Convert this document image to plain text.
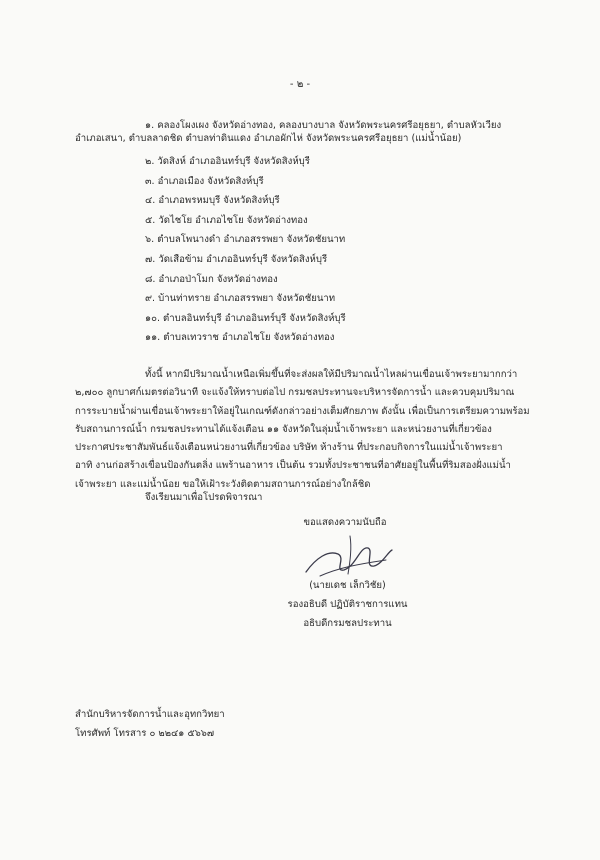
- ๒ -
๑. คลองโผงเผง จังหวัดอ่างทอง, คลองบางบาล จังหวัดพระนครศรีอยุธยา, ตำบลหัวเวียง
อำเภอเสนา, ตำบลลาดชิด ตำบลท่าดินแดง อำเภอผักไห่ จังหวัดพระนครศรีอยุธยา (แม่น้ำน้อย)
๒. วัดสิงห์ อำเภออินทร์บุรี จังหวัดสิงห์บุรี
๓. อำเภอเมือง จังหวัดสิงห์บุรี
๔. อำเภอพรหมบุรี จังหวัดสิงห์บุรี
๕. วัดไชโย อำเภอไชโย จังหวัดอ่างทอง
๖. ตำบลโพนางดำ อำเภอสรรพยา จังหวัดชัยนาท
๗. วัดเสือข้าม อำเภออินทร์บุรี จังหวัดสิงห์บุรี
๘. อำเภอป่าโมก จังหวัดอ่างทอง
๙. บ้านท่าทราย อำเภอสรรพยา จังหวัดชัยนาท
๑๐. ตำบลอินทร์บุรี อำเภออินทร์บุรี จังหวัดสิงห์บุรี
๑๑. ตำบลเทวราช อำเภอไชโย จังหวัดอ่างทอง
ทั้งนี้ หากมีปริมาณน้ำเหนือเพิ่มขึ้นที่จะส่งผลให้มีปริมาณน้ำไหลผ่านเขื่อนเจ้าพระยามากกว่า
๒,๗๐๐ ลูกบาศก์เมตรต่อวินาที จะแจ้งให้ทราบต่อไป กรมชลประทานจะบริหารจัดการน้ำ และควบคุมปริมาณ
การระบายน้ำผ่านเขื่อนเจ้าพระยาให้อยู่ในเกณฑ์ดังกล่าวอย่างเต็มศักยภาพ ดังนั้น เพื่อเป็นการเตรียมความพร้อม
รับสถานการณ์น้ำ กรมชลประทานได้แจ้งเตือน ๑๑ จังหวัดในลุ่มน้ำเจ้าพระยา และหน่วยงานที่เกี่ยวข้อง
ประกาศประชาสัมพันธ์แจ้งเตือนหน่วยงานที่เกี่ยวข้อง บริษัท ห้างร้าน ที่ประกอบกิจการในแม่น้ำเจ้าพระยา
อาทิ งานก่อสร้างเขื่อนป้องกันตลิ่ง แพร้านอาหาร เป็นต้น รวมทั้งประชาชนที่อาศัยอยู่ในพื้นที่ริมสองฝั่งแม่น้ำ
เจ้าพระยา และแม่น้ำน้อย ขอให้เฝ้าระวังติดตามสถานการณ์อย่างใกล้ชิด
จึงเรียนมาเพื่อโปรดพิจารณา
ขอแสดงความนับถือ
(นายเดช เล็กวิชัย)
รองอธิบดี ปฏิบัติราชการแทน
อธิบดีกรมชลประทาน
สำนักบริหารจัดการน้ำและอุทกวิทยา
โทรศัพท์ โทรสาร ๐ ๒๒๔๑ ๕๖๖๗
